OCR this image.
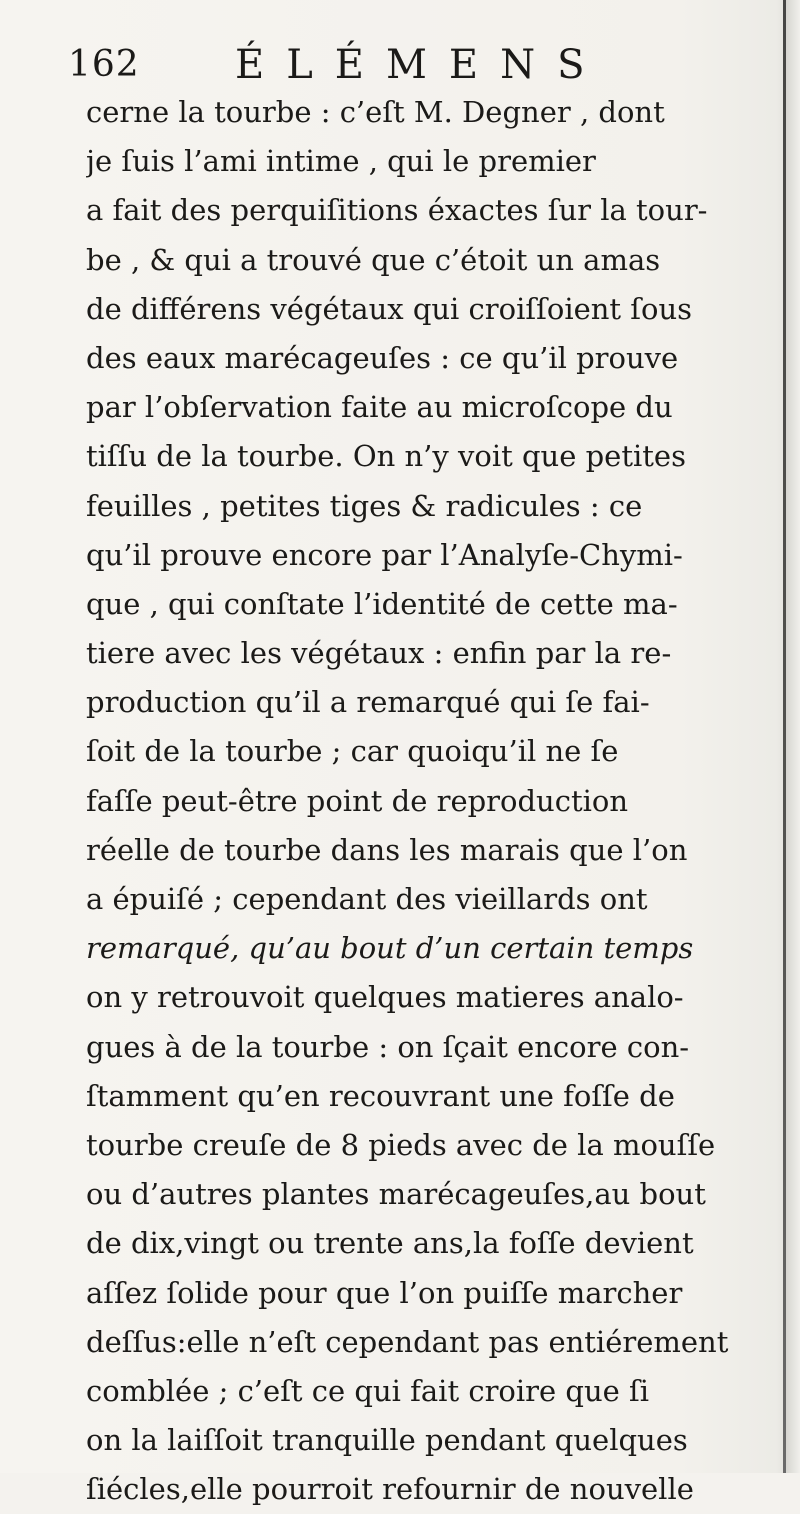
162 ÉLÉMENS
cerne la tourbe : c’eſt M. Degner , dont
je ſuis l’ami intime , qui le premier
a fait des perquiſitions éxactes ſur la tour-
be , & qui a trouvé que c’étoit un amas
de différens végétaux qui croiſſoient ſous
des eaux marécageuſes : ce qu’il prouve
par l’obſervation faite au microſcope du
tiſſu de la tourbe. On n’y voit que petites
feuilles , petites tiges & radicules : ce
qu’il prouve encore par l’Analyſe-Chymi-
que , qui conſtate l’identité de cette ma-
tiere avec les végétaux : enfin par la re-
production qu’il a remarqué qui ſe fai-
ſoit de la tourbe ; car quoiqu’il ne ſe
faſſe peut-être point de reproduction
réelle de tourbe dans les marais que l’on
a épuiſé ; cependant des vieillards ont
remarqué, qu’au bout d’un certain temps
on y retrouvoit quelques matieres analo-
gues à de la tourbe : on ſçait encore con-
ſtamment qu’en recouvrant une foſſe de
tourbe creuſe de 8 pieds avec de la mouſſe
ou d’autres plantes marécageuſes,au bout
de dix,vingt ou trente ans,la foſſe devient
aſſez ſolide pour que l’on puiſſe marcher
deſſus:elle n’eſt cependant pas entiérement
comblée ; c’eſt ce qui fait croire que ſi
on la laiſſoit tranquille pendant quelques
ſiécles,elle pourroit refournir de nouvelle
